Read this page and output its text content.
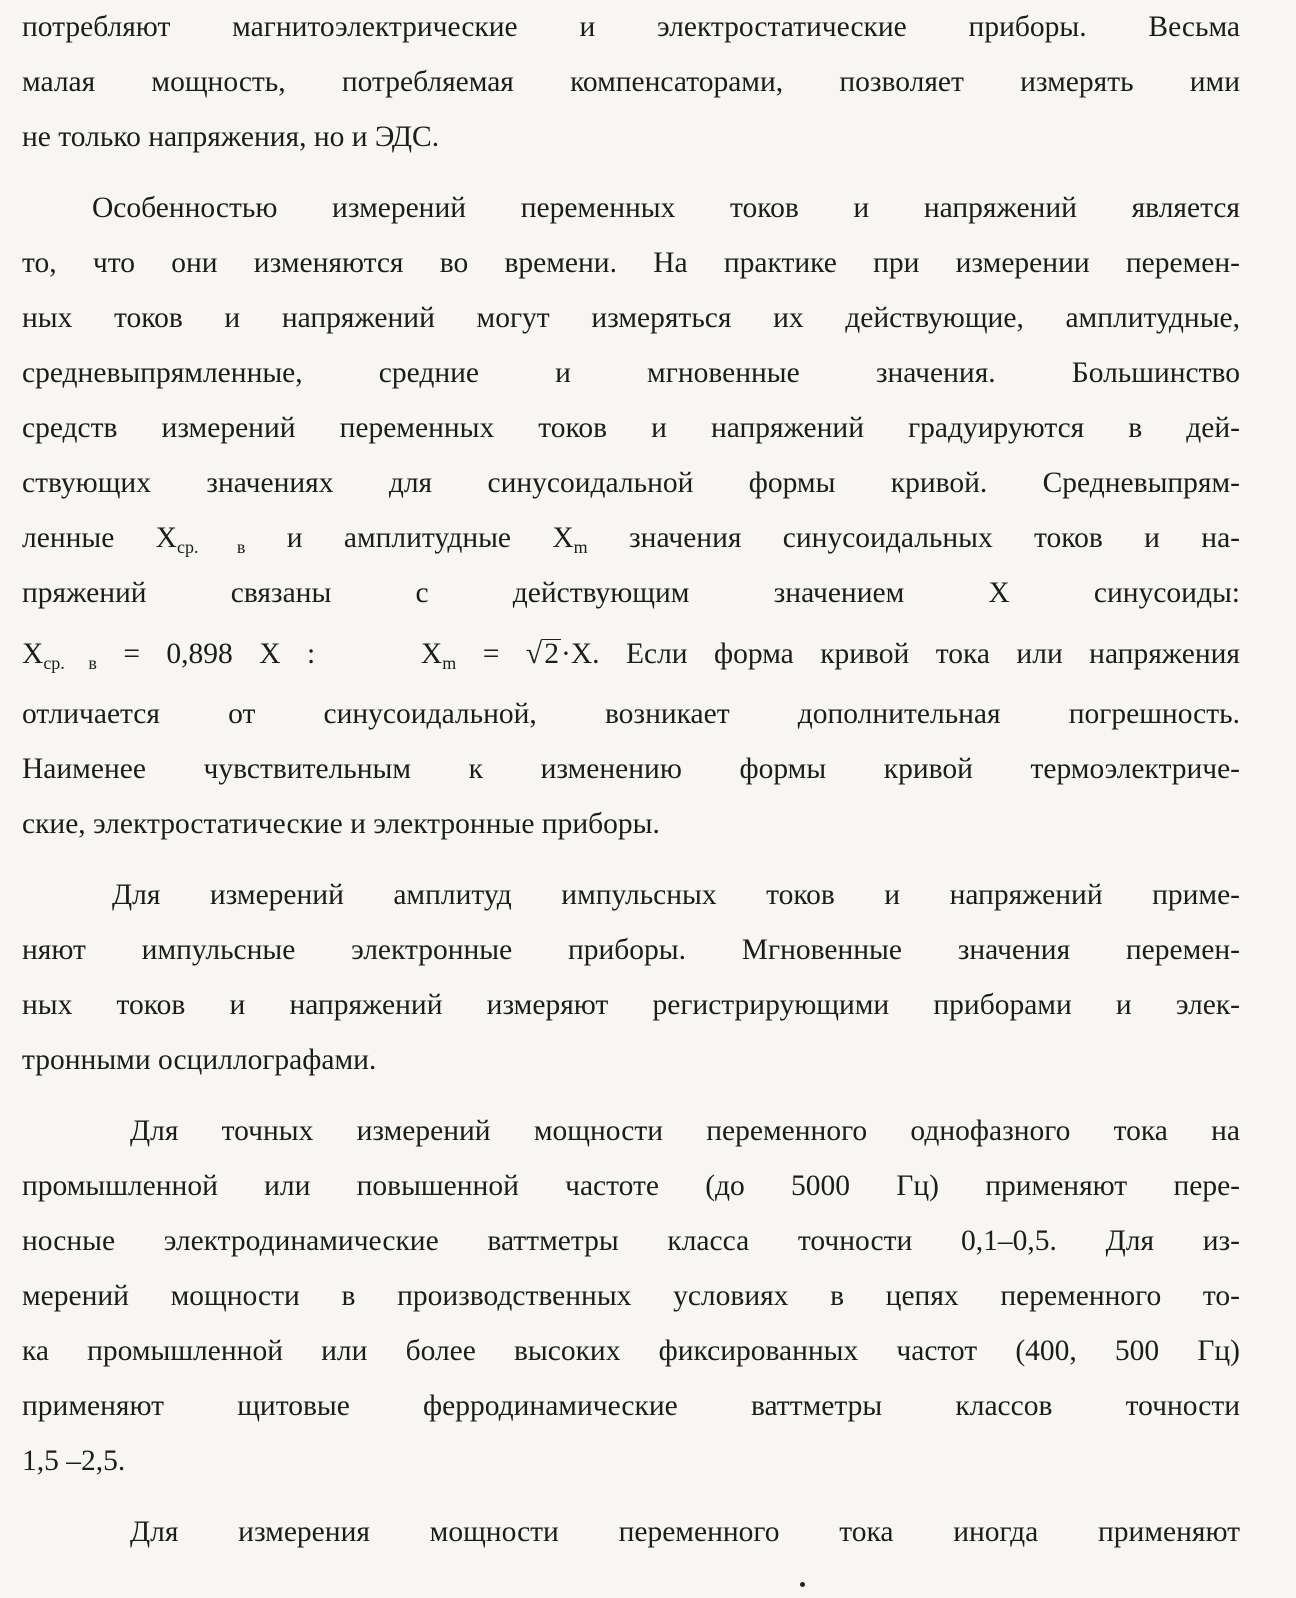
потребляют магнитоэлектрические и электростатические приборы. Весьма
малая мощность, потребляемая компенсаторами, позволяет измерять ими
не только напряжения, но и ЭДС.
Особенностью измерений переменных токов и напряжений является
то, что они изменяются во времени. На практике при измерении перемен-
ных токов и напряжений могут измеряться их действующие, амплитудные,
средневыпрямленные, средние и мгновенные значения. Большинство
средств измерений переменных токов и напряжений градуируются в дей-
ствующих значениях для синусоидальной формы кривой. Средневыпрям-
ленные $X_{ср. в}$ и амплитудные $X_m$ значения синусоидальных токов и на-
пряжений связаны с действующим значением X синусоиды:
$X_{ср. в} = 0,898$ X :	$X_m = √2\cdot X$. Если форма кривой тока или напряжения
отличается от синусоидальной, возникает дополнительная погрешность.
Наименее чувствительным к изменению формы кривой термоэлектриче-
ские, электростатические и электронные приборы.
Для измерений амплитуд импульсных токов и напряжений приме-
няют импульсные электронные приборы. Мгновенные значения перемен-
ных токов и напряжений измеряют регистрирующими приборами и элек-
тронными осциллографами.
Для точных измерений мощности переменного однофазного тока на
промышленной или повышенной частоте (до 5000 Гц) применяют пере-
носные электродинамические ваттметры класса точности 0,1–0,5. Для из-
мерений мощности в производственных условиях в цепях переменного то-
ка промышленной или более высоких фиксированных частот (400, 500 Гц)
применяют щитовые ферродинамические ваттметры классов точности
1,5 –2,5.
Для измерения мощности переменного тока иногда применяют
